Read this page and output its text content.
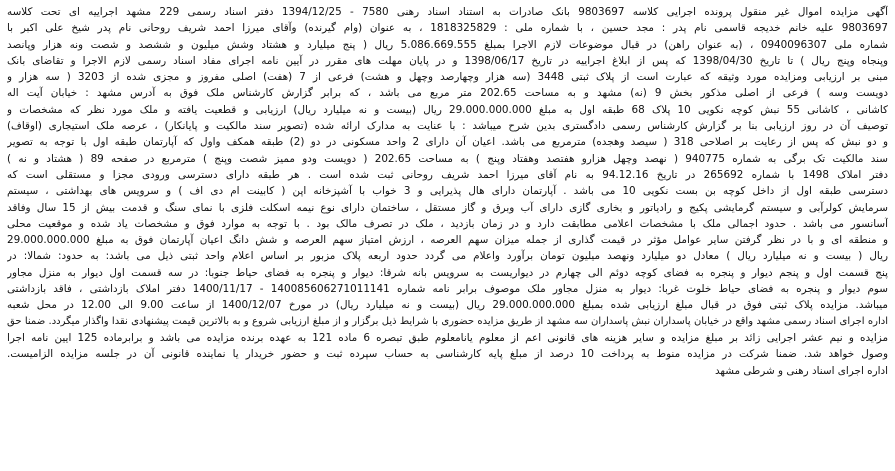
آگهی مزایده اموال غیر منقول پرونده اجرایی کلاسه 9803697 بانک صادرات به استناد اسناد رهنی 7580 - 1394/12/25 دفتر اسناد رسمی 229 مشهد اجراییه ای تحت کلاسه
9803697 علیه خانم خدیجه قاسمی نام پدر : مجد حسین ، با شماره ملی : 1818325829 ، به عنوان (وام گیرنده) وآقای میرزا احمد شریف روحانی نام پدر شیخ علی اکبر با
شماره ملی 0940096307 ، (به عنوان راهن) در قبال موضوعات لازم الاجرا بمبلغ 5.086.669.555 ریال ( پنج میلیارد و هشتاد وشش میلیون و ششصد و شصت ونه هزار وپانصد
وپنجاه وپنج ریال ) تا تاریخ 1398/04/30 که پس از ابلاغ اجراییه در تاریخ 1398/06/17 و در پایان مهلت های مقرر در آیین نامه اجرای مفاد اسناد رسمی لازم الاجرا و تقاضای بانک
مبنی بر ارزیابی ومزایده مورد وثیقه که عبارت است از پلاک ثبتی 3448 (سه هزار وچهارصد وچهل و هشت) فرعی از 7 (هفت) اصلی مفروز و مجزی شده از 3203 ( سه هزار و
دویست وسه ) فرعی از اصلی مذکور بخش 9 (نه) مشهد و به مساحت 202.65 متر مربع می باشد ، که برابر گزارش کارشناس ملک فوق به آدرس مشهد : خیابان آیت اله
کاشانی ، کاشانی 55 نبش کوچه نکویی 10 پلاک 68 طبقه اول به مبلغ 29.000.000.000 ریال (بیست و نه میلیارد ریال) ارزیابی و قطعیت یافته و ملک مورد نظر که مشخصات و
توصیف آن در روز ارزیابی بنا بر گزارش کارشناس رسمی دادگستری بدین شرح میباشد : با عنایت به مدارک ارائه شده (تصویر سند مالکیت و پایانکار) ، عرصه ملک استیجاری (اوقاف)
و دو نبش که پس از رعایت بر اصلاحی 318 ( سیصد وهجده) مترمربع می باشد. اعیان آن دارای 2 واحد مسکونی در دو (2) طبقه همکف واول که آپارتمان طبقه اول با توجه به تصویر
سند مالکیت تک برگی به شماره 940775 ( نهصد وچهل هزارو هفتصد وهفتاد وپنج ) به مساحت 202.65 ( دویست ودو ممیز شصت وپنج ) مترمربع در صفحه 89 ( هشتاد و نه )
دفتر املاک 1498 با شماره 265692 در تاریخ 94.12.16 به نام آقای میرزا احمد شریف روحانی ثبت شده است . هر طبقه دارای دسترسی ورودی مجزا و مستقلی است که
دسترسی طبقه اول از داخل کوچه بن بست نکویی 10 می باشد . آپارتمان دارای هال پذیرایی و 3 خواب با آشپزخانه اپن ( کابینت ام دی اف ) و سرویس های بهداشتی ، سیستم
سرمایش کولرآبی و سیستم گرمایشی پکیج و رادیاتور و بخاری گازی دارای آب وبرق و گاز مستقل ، ساختمان دارای نوع نیمه اسکلت فلزی با نمای سنگ و قدمت بیش از 15 سال وفاقد
آسانسور می باشد . حدود اجمالی ملک با مشخصات اعلامی مطابقت دارد و در زمان بازدید ، ملک در تصرف مالک بود . با توجه به موارد فوق و مشخصات یاد شده و موقعیت محلی
و منطقه ای و با در نظر گرفتن سایر عوامل مؤثر در قیمت گذاری از جمله میزان سهم العرصه ، ارزش امتیاز سهم العرصه و شش دانگ اعیان آپارتمان فوق به مبلغ 29.000.000.000
ریال ( بیست و نه میلیارد ریال ) معادل دو میلیارد ونهصد میلیون تومان برآورد واعلام می گردد حدود اربعه پلاک مزبور بر اساس اعلام واحد ثبتی ذیل می باشد: به حدود: شمالا: در
پنج قسمت اول و پنجم دیوار و پنجره به فضای کوچه دوئم الی چهارم در دیواریست به سرویس بانه شرقا: دیوار و پنجره به فضای حیاط جنوبا: در سه قسمت اول دیوار به منزل مجاور
سوم دیوار و پنجره به فضای حیاط خلوت غربا: دیوار به منزل مجاور ملک موصوف برابر نامه شماره 140085606271011141 - 1400/11/17 دفتر املاک بازداشتی ، فاقد بازداشتی
میباشد. مزایده پلاک ثبتی فوق در قبال مبلغ ارزیابی شده بمبلغ 29.000.000.000 ریال (بیست و نه میلیارد ریال) در مورخ 1400/12/07 از ساعت 9.00 الی 12.00 در محل شعبه
اداره اجرای اسناد رسمی مشهد واقع در خیابان پاسداران نبش پاسداران سه مشهد از طریق مزایده حضوری با شرایط ذیل برگزار و از مبلغ ارزیابی شروع و به بالاترین قیمت پیشنهادی نقدا واگذار میگردد. ضمنا حق
مزایده و نیم عشر اجرایی زائد بر مبلغ مزایده و سایر هزینه های قانونی اعم از معلوم یانامعلوم طبق تبصره 6 ماده 121 به عهده برنده مزایده می باشد و برابرماده 125 ایین نامه اجرا
وصول خواهد شد. ضمنا شرکت در مزایده منوط به پرداخت 10 درصد از مبلغ پایه کارشناسی به حساب سپرده ثبت و حضور خریدار یا نماینده قانونی آن در جلسه مزایده الزامیست.
اداره اجرای اسناد رهنی و شرطی مشهد
